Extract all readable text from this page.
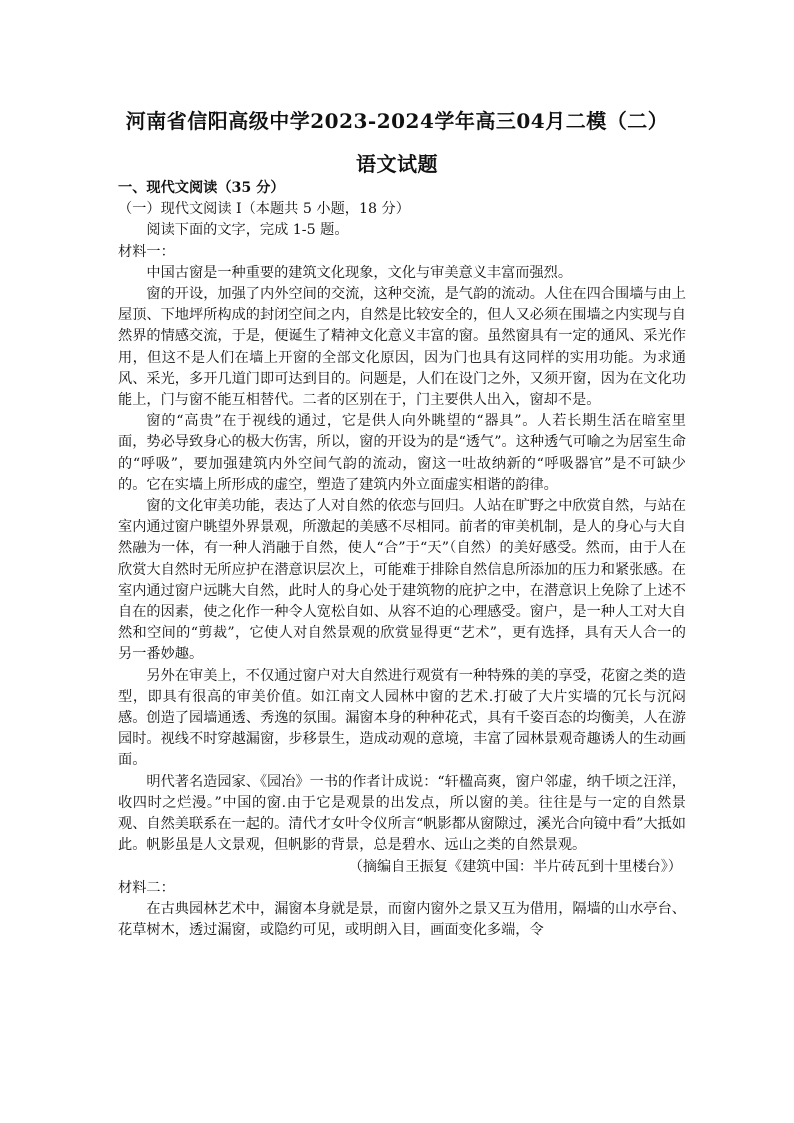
河南省信阳高级中学2023-2024学年高三04月二模（二）
语文试题

一、现代文阅读（35 分）

（一）现代文阅读 I（本题共 5 小题，18 分）

阅读下面的文字，完成 1-5 题。

材料一：

中国古窗是一种重要的建筑文化现象，文化与审美意义丰富而强烈。

窗的开设，加强了内外空间的交流，这种交流，是气韵的流动。人住在四合围墙与由上屋顶、下地坪所构成的封闭空间之内，自然是比较安全的，但人又必须在围墙之内实现与自然界的情感交流，于是，便诞生了精神文化意义丰富的窗。虽然窗具有一定的通风、采光作用，但这不是人们在墙上开窗的全部文化原因，因为门也具有这同样的实用功能。为求通风、采光，多开几道门即可达到目的。问题是，人们在设门之外，又须开窗，因为在文化功能上，门与窗不能互相替代。二者的区别在于，门主要供人出入，窗却不是。

窗的“高贵”在于视线的通过，它是供人向外眺望的“器具”。人若长期生活在暗室里面，势必导致身心的极大伤害，所以，窗的开设为的是“透气”。这种透气可喻之为居室生命的“呼吸”，要加强建筑内外空间气韵的流动，窗这一吐故纳新的“呼吸器官”是不可缺少的。它在实墙上所形成的虚空，塑造了建筑内外立面虚实相谐的韵律。

窗的文化审美功能，表达了人对自然的依恋与回归。人站在旷野之中欣赏自然，与站在室内通过窗户眺望外界景观，所激起的美感不尽相同。前者的审美机制，是人的身心与大自然融为一体，有一种人消融于自然，使人“合”于“天”（自然）的美好感受。然而，由于人在欣赏大自然时无所应护在潜意识层次上，可能难于排除自然信息所添加的压力和紧张感。在室内通过窗户远眺大自然，此时人的身心处于建筑物的庇护之中，在潜意识上免除了上述不自在的因素，使之化作一种令人宽松自如、从容不迫的心理感受。窗户，是一种人工对大自然和空间的“剪裁”，它使人对自然景观的欣赏显得更“艺术”，更有选择，具有天人合一的另一番妙趣。

另外在审美上，不仅通过窗户对大自然进行观赏有一种特殊的美的享受，花窗之类的造型，即具有很高的审美价值。如江南文人园林中窗的艺术.打破了大片实墙的冗长与沉闷感。创造了园墙通透、秀逸的氛围。漏窗本身的种种花式，具有千姿百态的均衡美，人在游园时。视线不时穿越漏窗，步移景生，造成动观的意境，丰富了园林景观奇趣诱人的生动画面。

明代著名造园家、《园冶》一书的作者计成说：“轩楹高爽，窗户邻虚，纳千顷之汪洋，收四时之烂漫。”中国的窗.由于它是观景的出发点，所以窗的美。往往是与一定的自然景观、自然美联系在一起的。清代才女叶令仪所言“帆影都从窗隙过，溪光合向镜中看”大抵如此。帆影虽是人文景观，但帆影的背景，总是碧水、远山之类的自然景观。

（摘编自王振复《建筑中国：半片砖瓦到十里楼台》）

材料二：

在古典园林艺术中，漏窗本身就是景，而窗内窗外之景又互为借用，隔墙的山水亭台、花草树木，透过漏窗，或隐约可见，或明朗入目，画面变化多端，令
